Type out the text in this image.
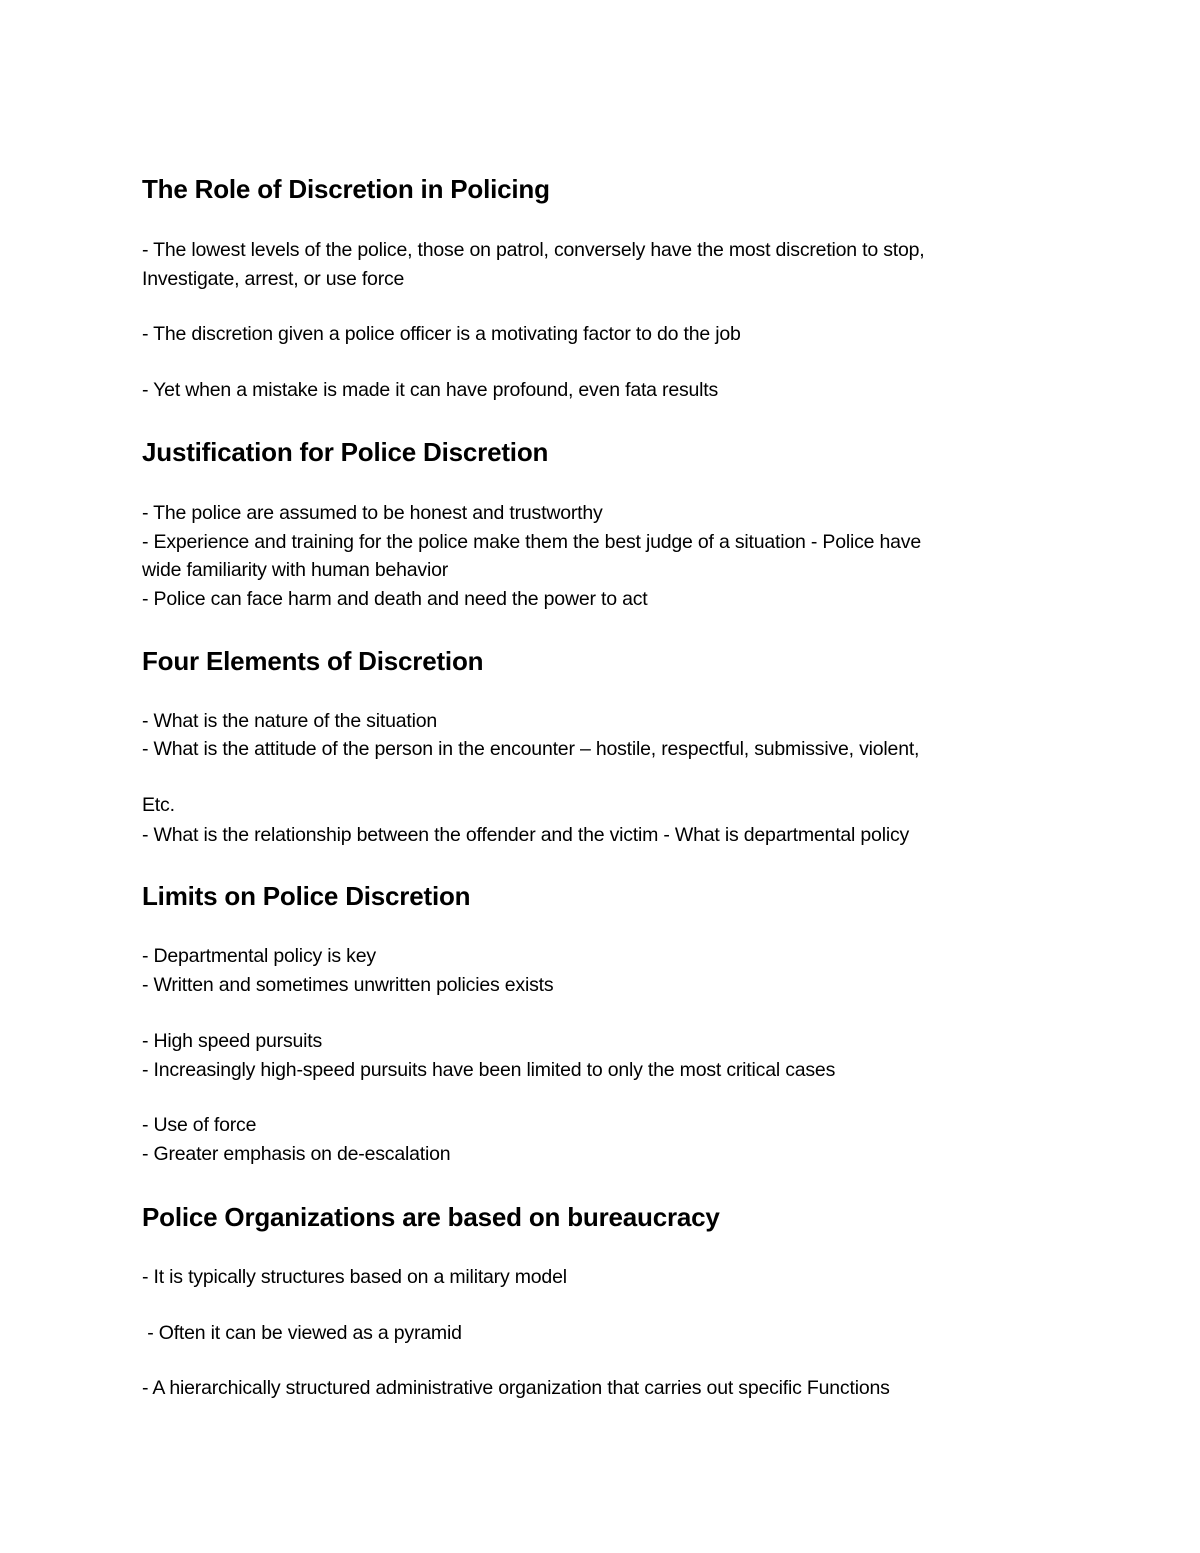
The Role of Discretion in Policing

- The lowest levels of the police, those on patrol, conversely have the most discretion to stop,

Investigate, arrest, or use force

- The discretion given a police officer is a motivating factor to do the job

- Yet when a mistake is made it can have profound, even fata results

Justification for Police Discretion

- The police are assumed to be honest and trustworthy

- Experience and training for the police make them the best judge of a situation - Police have

wide familiarity with human behavior

- Police can face harm and death and need the power to act

Four Elements of Discretion

- What is the nature of the situation

- What is the attitude of the person in the encounter – hostile, respectful, submissive, violent,

Etc.

- What is the relationship between the offender and the victim - What is departmental policy

Limits on Police Discretion

- Departmental policy is key

- Written and sometimes unwritten policies exists

- High speed pursuits

- Increasingly high-speed pursuits have been limited to only the most critical cases

- Use of force

- Greater emphasis on de-escalation

Police Organizations are based on bureaucracy

- It is typically structures based on a military model

- Often it can be viewed as a pyramid

- A hierarchically structured administrative organization that carries out specific Functions
